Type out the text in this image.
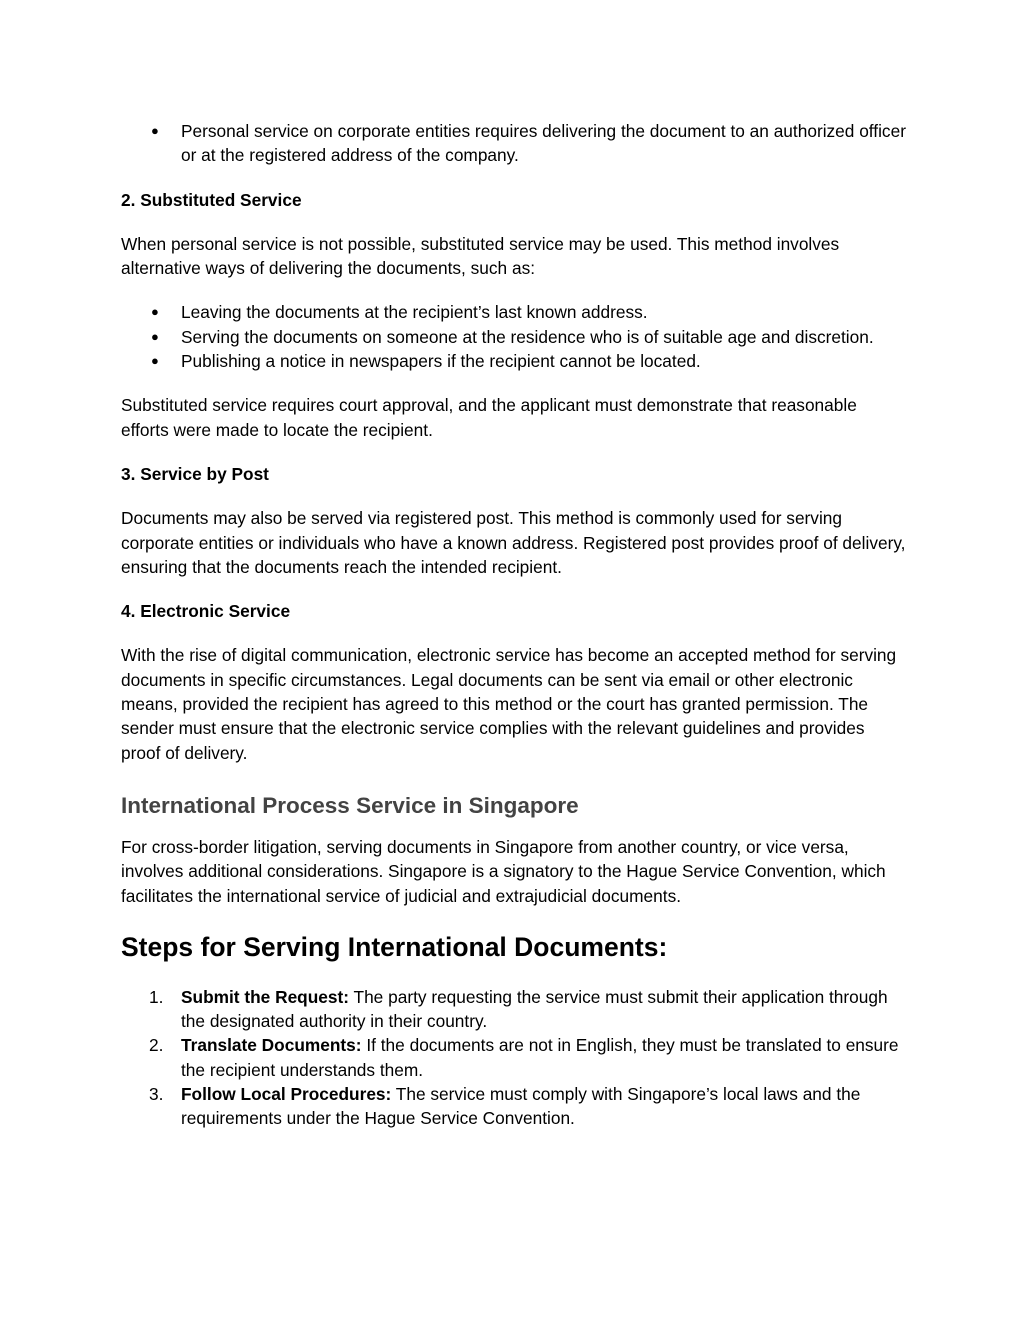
● Personal service on corporate entities requires delivering the document to an authorized officer or at the registered address of the company.
2. Substituted Service

When personal service is not possible, substituted service may be used. This method involves alternative ways of delivering the documents, such as:

● Leaving the documents at the recipient’s last known address.
● Serving the documents on someone at the residence who is of suitable age and discretion.
● Publishing a notice in newspapers if the recipient cannot be located.

Substituted service requires court approval, and the applicant must demonstrate that reasonable efforts were made to locate the recipient.

3. Service by Post

Documents may also be served via registered post. This method is commonly used for serving corporate entities or individuals who have a known address. Registered post provides proof of delivery, ensuring that the documents reach the intended recipient.

4. Electronic Service

With the rise of digital communication, electronic service has become an accepted method for serving documents in specific circumstances. Legal documents can be sent via email or other electronic means, provided the recipient has agreed to this method or the court has granted permission. The sender must ensure that the electronic service complies with the relevant guidelines and provides proof of delivery.

International Process Service in Singapore

For cross-border litigation, serving documents in Singapore from another country, or vice versa, involves additional considerations. Singapore is a signatory to the Hague Service Convention, which facilitates the international service of judicial and extrajudicial documents.

Steps for Serving International Documents:
1. Submit the Request: The party requesting the service must submit their application through the designated authority in their country.
2. Translate Documents: If the documents are not in English, they must be translated to ensure the recipient understands them.
3. Follow Local Procedures: The service must comply with Singapore’s local laws and the requirements under the Hague Service Convention.
